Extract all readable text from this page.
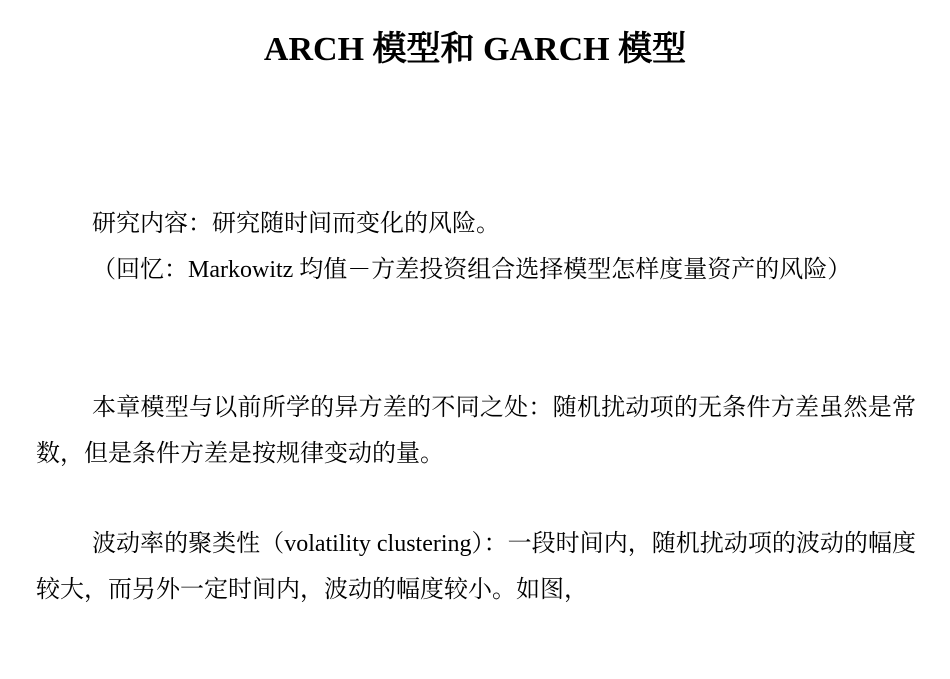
ARCH 模型和 GARCH 模型
研究内容：研究随时间而变化的风险。
（回忆：Markowitz 均值－方差投资组合选择模型怎样度量资产的风险）
本章模型与以前所学的异方差的不同之处：随机扰动项的无条件方差虽然是常数，但是条件方差是按规律变动的量。
波动率的聚类性（volatility clustering）：一段时间内，随机扰动项的波动的幅度较大，而另外一定时间内，波动的幅度较小。如图，
